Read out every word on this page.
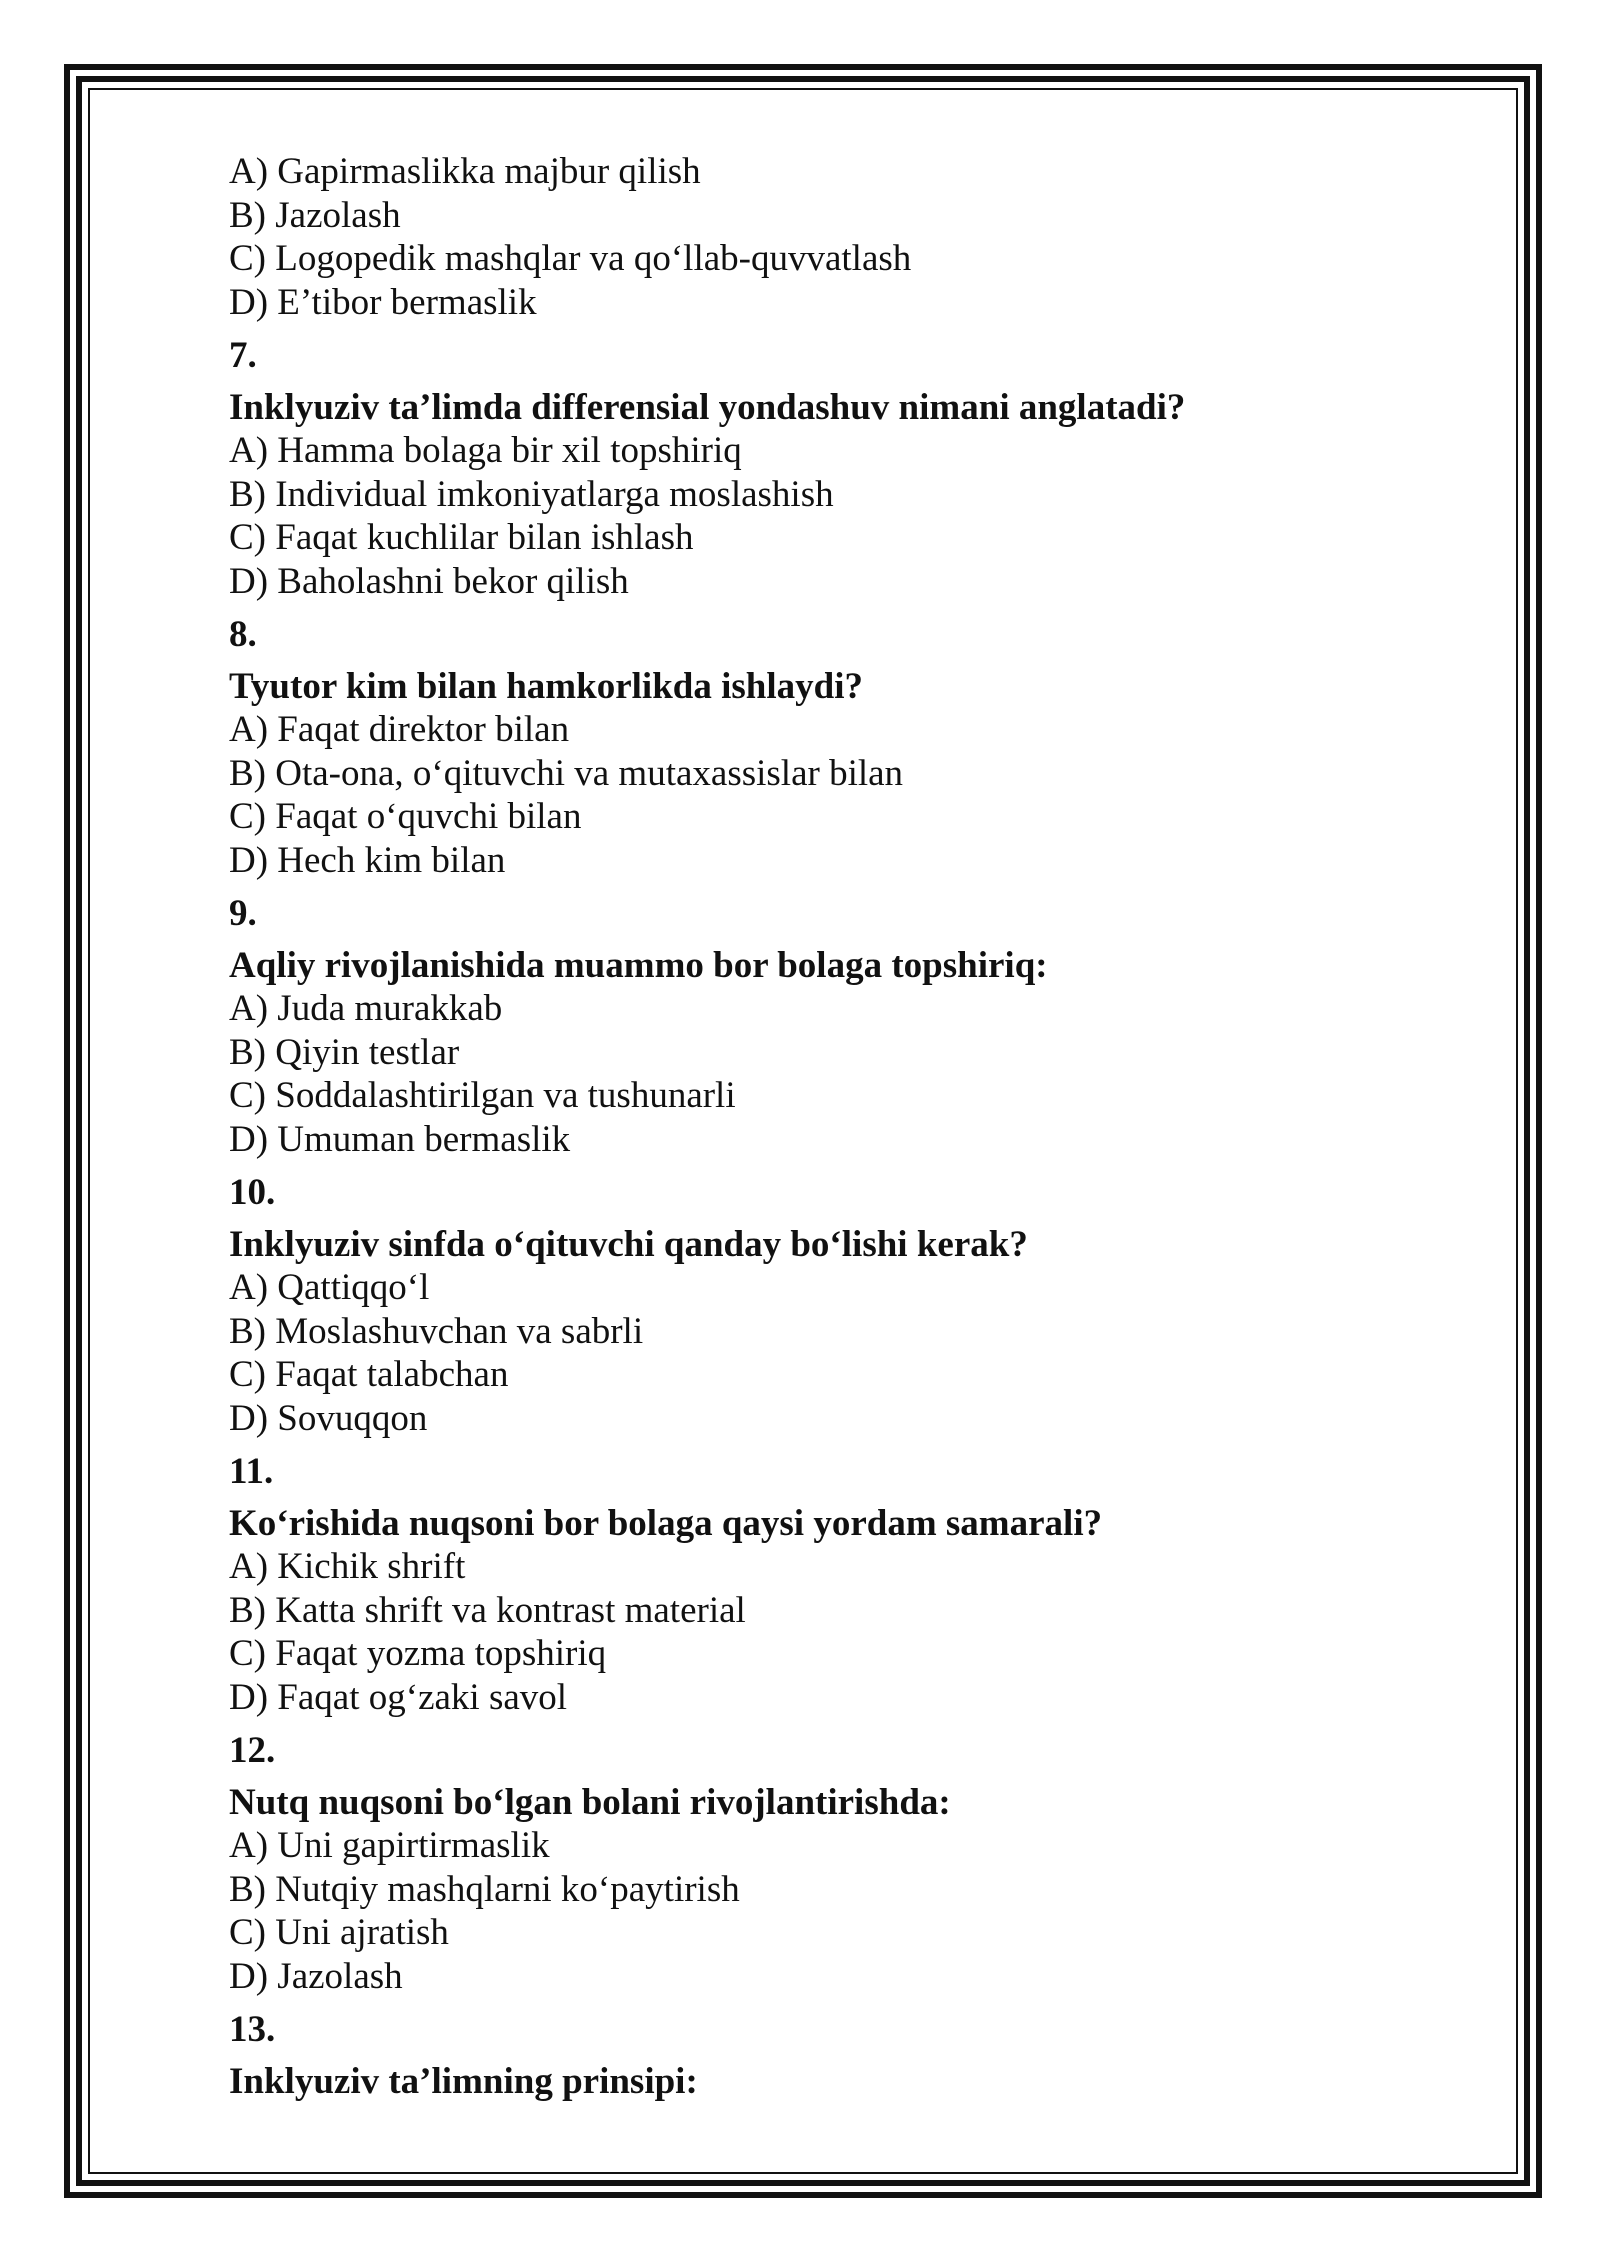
A) Gapirmaslikka majbur qilish
B) Jazolash
C) Logopedik mashqlar va qo‘llab-quvvatlash
D) E’tibor bermaslik
7.
Inklyuziv ta’limda differensial yondashuv nimani anglatadi?
A) Hamma bolaga bir xil topshiriq
B) Individual imkoniyatlarga moslashish
C) Faqat kuchlilar bilan ishlash
D) Baholashni bekor qilish
8.
Tyutor kim bilan hamkorlikda ishlaydi?
A) Faqat direktor bilan
B) Ota-ona, o‘qituvchi va mutaxassislar bilan
C) Faqat o‘quvchi bilan
D) Hech kim bilan
9.
Aqliy rivojlanishida muammo bor bolaga topshiriq:
A) Juda murakkab
B) Qiyin testlar
C) Soddalashtirilgan va tushunarli
D) Umuman bermaslik
10.
Inklyuziv sinfda o‘qituvchi qanday bo‘lishi kerak?
A) Qattiqqo‘l
B) Moslashuvchan va sabrli
C) Faqat talabchan
D) Sovuqqon
11.
Ko‘rishida nuqsoni bor bolaga qaysi yordam samarali?
A) Kichik shrift
B) Katta shrift va kontrast material
C) Faqat yozma topshiriq
D) Faqat og‘zaki savol
12.
Nutq nuqsoni bo‘lgan bolani rivojlantirishda:
A) Uni gapirtirmaslik
B) Nutqiy mashqlarni ko‘paytirish
C) Uni ajratish
D) Jazolash
13.
Inklyuziv ta’limning prinsipi:
